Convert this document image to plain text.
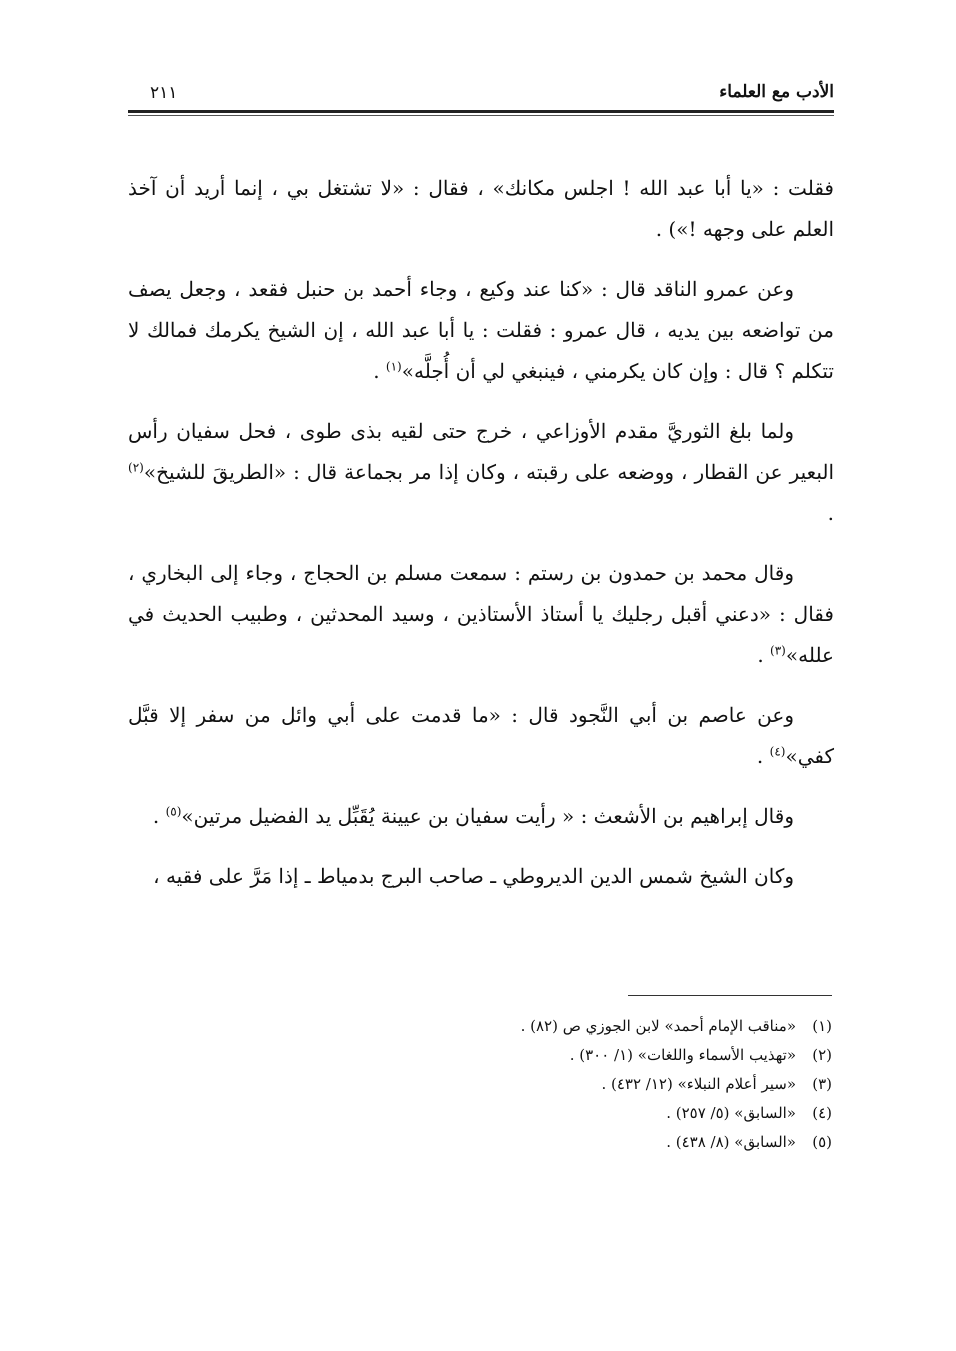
الأدب مع العلماء
٢١١

فقلت : «يا أبا عبد الله ! اجلس مكانك» ، فقال : «لا تشتغل بي ، إنما أريد أن آخذ العلم على وجهه !») .

وعن عمرو الناقد قال : «كنا عند وكيع ، وجاء أحمد بن حنبل فقعد ، وجعل يصف من تواضعه بين يديه ، قال عمرو : فقلت : يا أبا عبد الله ، إن الشيخ يكرمك فمالك لا تتكلم ؟ قال : وإن كان يكرمني ، فينبغي لي أن أُجلَّه»$^{(١)}$ .

ولما بلغ الثوريَّ مقدم الأوزاعي ، خرج حتى لقيه بذى طوى ، فحل سفيان رأس البعير عن القطار ، ووضعه على رقبته ، وكان إذا مر بجماعة قال : «الطريقَ للشيخ»$^{(٢)}$ .

وقال محمد بن حمدون بن رستم : سمعت مسلم بن الحجاج ، وجاء إلى البخاري ، فقال : «دعني أقبل رجليك يا أستاذ الأستاذين ، وسيد المحدثين ، وطبيب الحديث في علله»$^{(٣)}$ .

وعن عاصم بن أبي النَّجود قال : «ما قدمت على أبي وائل من سفر إلا قبَّل كفي»$^{(٤)}$ .

وقال إبراهيم بن الأشعث : « رأيت سفيان بن عيينة يُقَبِّل يد الفضيل مرتين»$^{(٥)}$ .

وكان الشيخ شمس الدين الديروطي ـ صاحب البرج بدمياط ـ إذا مَرَّ على فقيه ،

(١)
«مناقب الإمام أحمد» لابن الجوزي ص (٨٢) .
(٢)
«تهذيب الأسماء واللغات» (١/ ٣٠٠) .
(٣)
«سير أعلام النبلاء» (١٢/ ٤٣٢) .
(٤)
«السابق» (٥/ ٢٥٧) .
(٥)
«السابق» (٨/ ٤٣٨) .
